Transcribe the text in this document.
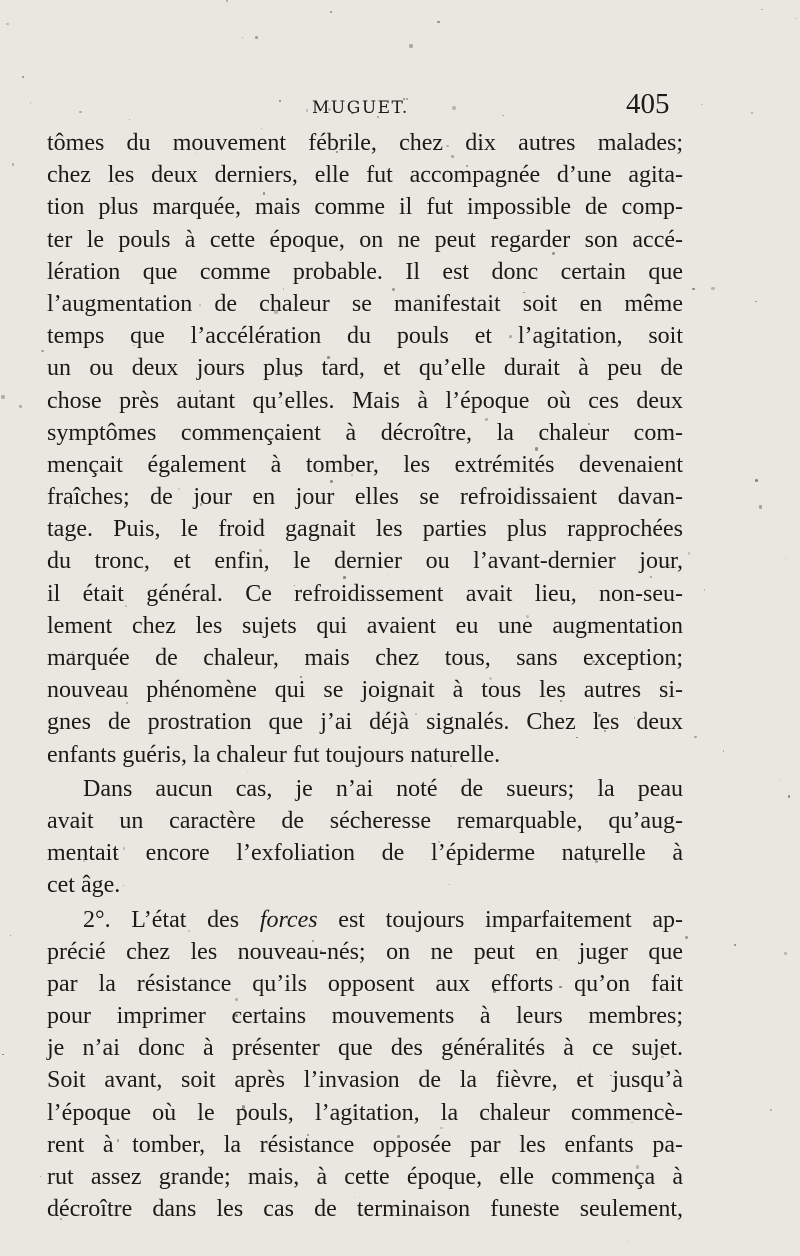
MUGUET.	405
tômes du mouvement fébrile, chez dix autres malades;
chez les deux derniers, elle fut accompagnée d’une agita-
tion plus marquée, mais comme il fut impossible de comp-
ter le pouls à cette époque, on ne peut regarder son accé-
lération que comme probable. Il est donc certain que
l’augmentation de chaleur se manifestait soit en même
temps que l’accélération du pouls et l’agitation, soit
un ou deux jours plus tard, et qu’elle durait à peu de
chose près autant qu’elles. Mais à l’époque où ces deux
symptômes commençaient à décroître, la chaleur com-
mençait également à tomber, les extrémités devenaient
fraîches; de jour en jour elles se refroidissaient davan-
tage. Puis, le froid gagnait les parties plus rapprochées
du tronc, et enfin, le dernier ou l’avant-dernier jour,
il était général. Ce refroidissement avait lieu, non-seu-
lement chez les sujets qui avaient eu une augmentation
marquée de chaleur, mais chez tous, sans exception;
nouveau phénomène qui se joignait à tous les autres si-
gnes de prostration que j’ai déjà signalés. Chez les deux
enfants guéris, la chaleur fut toujours naturelle.
Dans aucun cas, je n’ai noté de sueurs; la peau
avait un caractère de sécheresse remarquable, qu’aug-
mentait encore l’exfoliation de l’épiderme naturelle à
cet âge.
2°. L’état des forces est toujours imparfaitement ap-
précié chez les nouveau-nés; on ne peut en juger que
par la résistance qu’ils opposent aux efforts qu’on fait
pour imprimer certains mouvements à leurs membres;
je n’ai donc à présenter que des généralités à ce sujet.
Soit avant, soit après l’invasion de la fièvre, et jusqu’à
l’époque où le pouls, l’agitation, la chaleur commencè-
rent à tomber, la résistance opposée par les enfants pa-
rut assez grande; mais, à cette époque, elle commença à
décroître dans les cas de terminaison funeste seulement,
